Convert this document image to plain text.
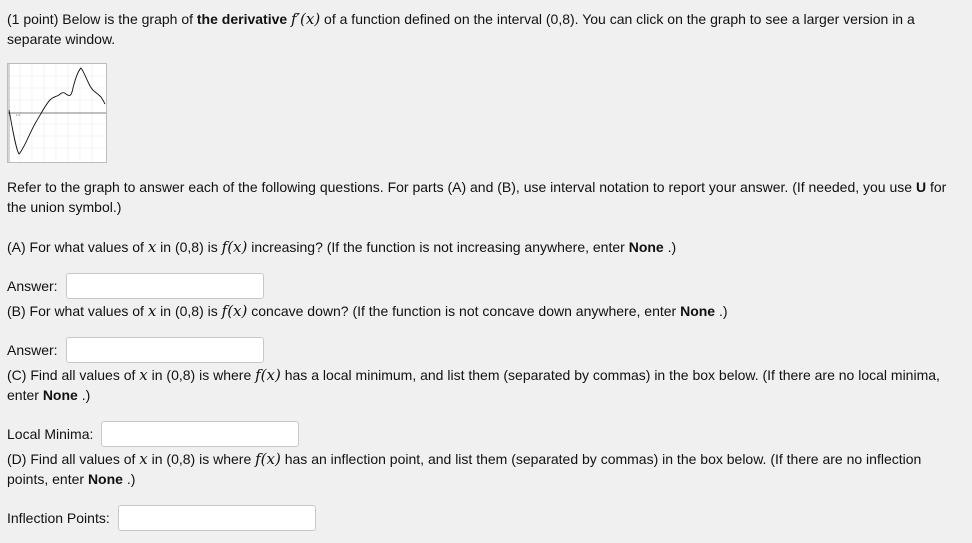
(1 point) Below is the graph of the derivative f′(x) of a function defined on the interval (0,8). You can click on the graph to see a larger version in a separate window.
1.0
Refer to the graph to answer each of the following questions. For parts (A) and (B), use interval notation to report your answer. (If needed, you use U for the union symbol.)
(A) For what values of x in (0,8) is f(x) increasing? (If the function is not increasing anywhere, enter None .)
Answer:
(B) For what values of x in (0,8) is f(x) concave down? (If the function is not concave down anywhere, enter None .)
Answer:
(C) Find all values of x in (0,8) is where f(x) has a local minimum, and list them (separated by commas) in the box below. (If there are no local minima, enter None .)
Local Minima:
(D) Find all values of x in (0,8) is where f(x) has an inflection point, and list them (separated by commas) in the box below. (If there are no inflection points, enter None .)
Inflection Points:
